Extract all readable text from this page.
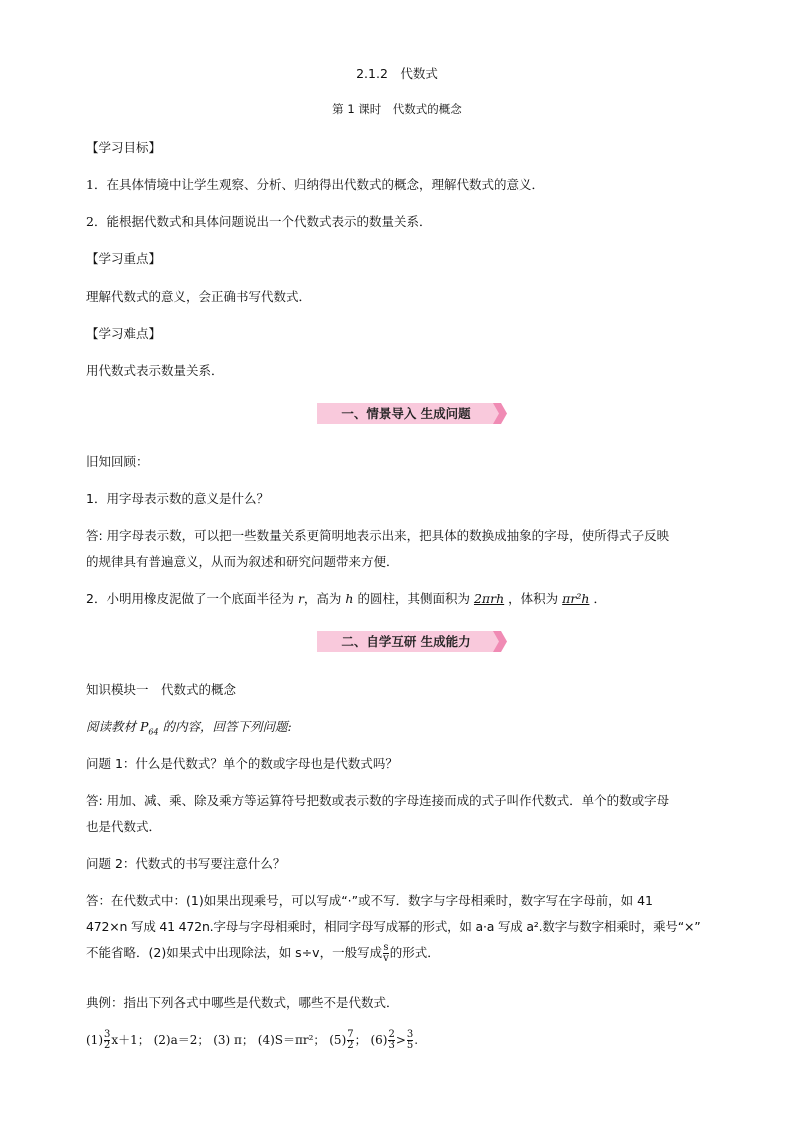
2.1.2　代数式
第 1 课时　代数式的概念
【学习目标】
1．在具体情境中让学生观察、分析、归纳得出代数式的概念，理解代数式的意义．
2．能根据代数式和具体问题说出一个代数式表示的数量关系．
【学习重点】
理解代数式的意义，会正确书写代数式．
【学习难点】
用代数式表示数量关系．
一、情景导入 生成问题
旧知回顾：
1．用字母表示数的意义是什么？
答: 用字母表示数，可以把一些数量关系更简明地表示出来，把具体的数换成抽象的字母，使所得式子反映
的规律具有普遍意义，从而为叙述和研究问题带来方便．
2．小明用橡皮泥做了一个底面半径为 r，高为 h 的圆柱，其侧面积为 2πrh ，体积为 πr²h ．
二、自学互研 生成能力
知识模块一　代数式的概念
阅读教材 $P_{64}$ 的内容，回答下列问题:
问题 1：什么是代数式？单个的数或字母也是代数式吗？
答: 用加、减、乘、除及乘方等运算符号把数或表示数的字母连接而成的式子叫作代数式．单个的数或字母
也是代数式．
问题 2：代数式的书写要注意什么？
答：在代数式中：(1)如果出现乘号，可以写成“·”或不写．数字与字母相乘时，数字写在字母前，如 41
472×n 写成 41 472n.字母与字母相乘时，相同字母写成幂的形式，如 a·a 写成 a².数字与数字相乘时，乘号“×”
不能省略．(2)如果式中出现除法，如 s÷v，一般写成 $\frac{s}{v}$ 的形式．
典例：指出下列各式中哪些是代数式，哪些不是代数式．
$(1) \frac{3}{2} x+1$； (2)a＝2； (3) π； (4)S＝πr²； $(5) \frac{7}{2}$ ； $(6) \frac{2}{3} > \frac{3}{5}$ .
